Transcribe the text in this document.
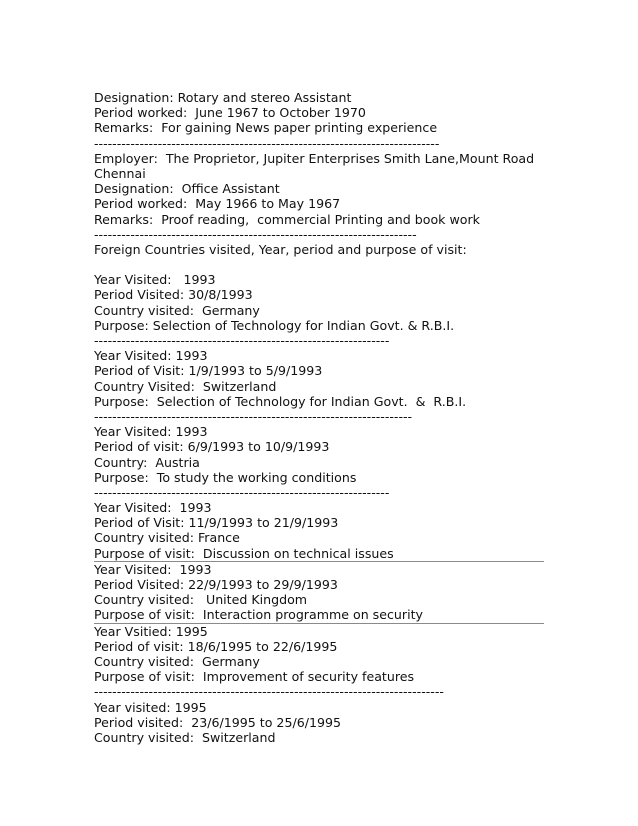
Designation: Rotary and stereo Assistant
Period worked:  June 1967 to October 1970
Remarks:  For gaining News paper printing experience
----------------------------------------------------------------------------
Employer:  The Proprietor, Jupiter Enterprises Smith Lane,Mount Road
Chennai
Designation:  Office Assistant
Period worked:  May 1966 to May 1967
Remarks:  Proof reading,  commercial Printing and book work
-----------------------------------------------------------------------
Foreign Countries visited, Year, period and purpose of visit:
Year Visited:   1993
Period Visited: 30/8/1993
Country visited:  Germany
Purpose: Selection of Technology for Indian Govt. & R.B.I.
-----------------------------------------------------------------
Year Visited: 1993
Period of Visit: 1/9/1993 to 5/9/1993
Country Visited:  Switzerland
Purpose:  Selection of Technology for Indian Govt.  &  R.B.I.
----------------------------------------------------------------------
Year Visited: 1993
Period of visit: 6/9/1993 to 10/9/1993
Country:  Austria
Purpose:  To study the working conditions
-----------------------------------------------------------------
Year Visited:  1993
Period of Visit: 11/9/1993 to 21/9/1993
Country visited: France
Purpose of visit:  Discussion on technical issues
Year Visited:  1993
Period Visited: 22/9/1993 to 29/9/1993
Country visited:   United Kingdom
Purpose of visit:  Interaction programme on security
Year Vsitied: 1995
Period of visit: 18/6/1995 to 22/6/1995
Country visited:  Germany
Purpose of visit:  Improvement of security features
-----------------------------------------------------------------------------
Year visited: 1995
Period visited:  23/6/1995 to 25/6/1995
Country visited:  Switzerland
